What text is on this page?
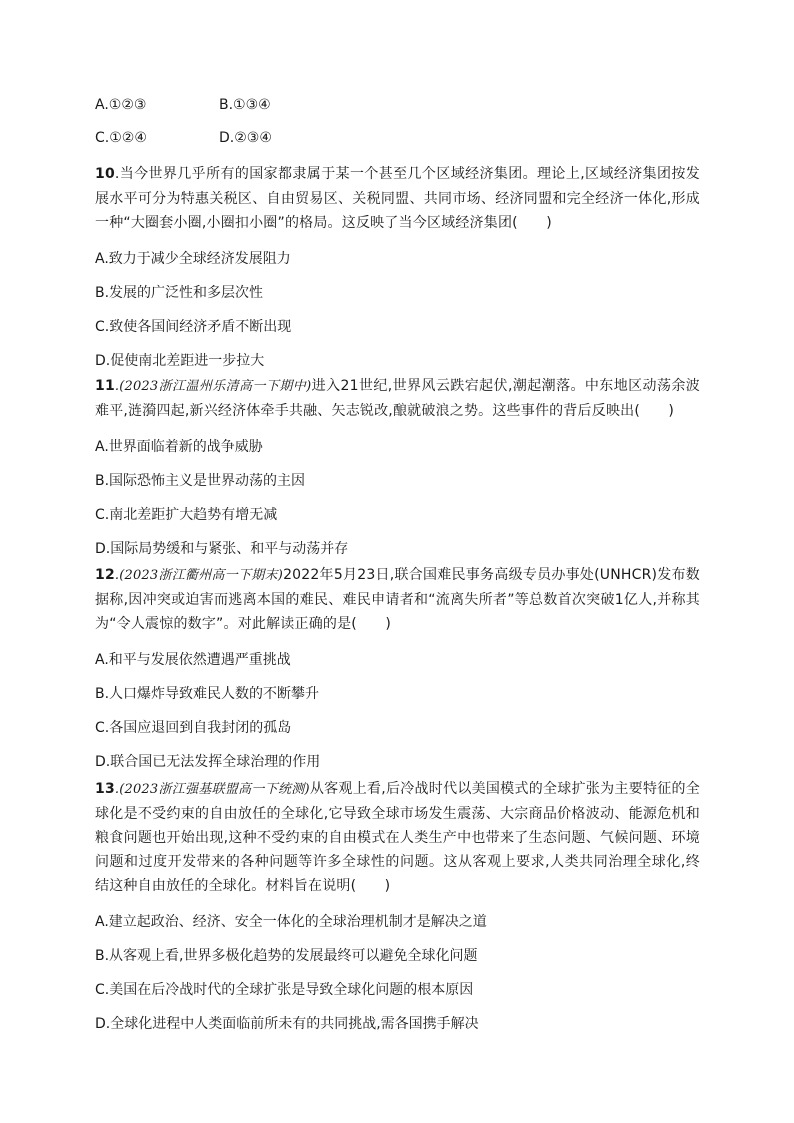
A.①②③	B.①③④
C.①②④	D.②③④

10.当今世界几乎所有的国家都隶属于某一个甚至几个区域经济集团。理论上,区域经济集团按发展水平可分为特惠关税区、自由贸易区、关税同盟、共同市场、经济同盟和完全经济一体化,形成一种“大圈套小圈,小圈扣小圈”的格局。这反映了当今区域经济集团(　　)

A.致力于减少全球经济发展阻力

B.发展的广泛性和多层次性

C.致使各国间经济矛盾不断出现

D.促使南北差距进一步拉大

11.(2023浙江温州乐清高一下期中)进入21世纪,世界风云跌宕起伏,潮起潮落。中东地区动荡余波难平,涟漪四起,新兴经济体牵手共融、矢志锐改,酿就破浪之势。这些事件的背后反映出(　　)

A.世界面临着新的战争威胁

B.国际恐怖主义是世界动荡的主因

C.南北差距扩大趋势有增无减

D.国际局势缓和与紧张、和平与动荡并存

12.(2023浙江衢州高一下期末)2022年5月23日,联合国难民事务高级专员办事处(UNHCR)发布数据称,因冲突或迫害而逃离本国的难民、难民申请者和“流离失所者”等总数首次突破1亿人,并称其为“令人震惊的数字”。对此解读正确的是(　　)

A.和平与发展依然遭遇严重挑战

B.人口爆炸导致难民人数的不断攀升

C.各国应退回到自我封闭的孤岛

D.联合国已无法发挥全球治理的作用

13.(2023浙江强基联盟高一下统测)从客观上看,后冷战时代以美国模式的全球扩张为主要特征的全球化是不受约束的自由放任的全球化,它导致全球市场发生震荡、大宗商品价格波动、能源危机和粮食问题也开始出现,这种不受约束的自由模式在人类生产中也带来了生态问题、气候问题、环境问题和过度开发带来的各种问题等许多全球性的问题。这从客观上要求,人类共同治理全球化,终结这种自由放任的全球化。材料旨在说明(　　)

A.建立起政治、经济、安全一体化的全球治理机制才是解决之道

B.从客观上看,世界多极化趋势的发展最终可以避免全球化问题

C.美国在后冷战时代的全球扩张是导致全球化问题的根本原因

D.全球化进程中人类面临前所未有的共同挑战,需各国携手解决
